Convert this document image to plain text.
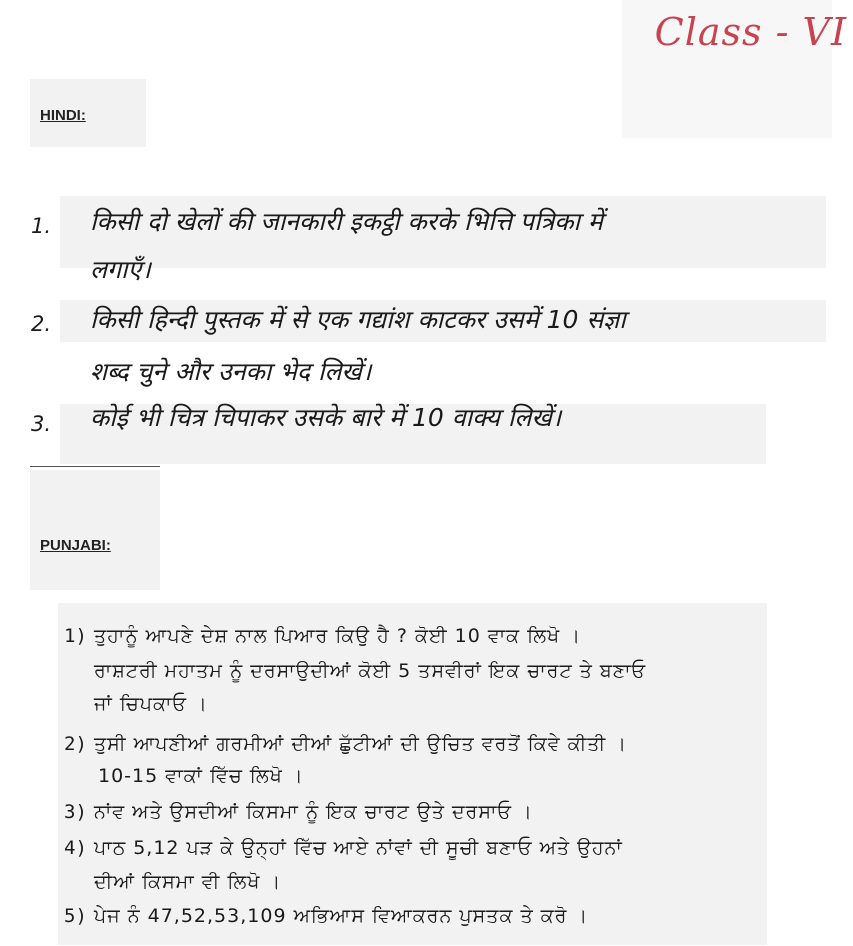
Class - VI
HINDI:
1. किसी दो खेलों की जानकारी इकट्ठी करके भित्ति पत्रिका में
लगाएँ।
2. किसी हिन्दी पुस्तक में से एक गद्यांश काटकर उसमें 10 संज्ञा
शब्द चुने और उनका भेद लिखें।
3. कोई भी चित्र चिपाकर उसके बारे में 10 वाक्य लिखें।
PUNJABI:
1) ਤੁਹਾਨੂੰ ਆਪਣੇ ਦੇਸ਼ ਨਾਲ ਪਿਆਰ ਕਿਉ ਹੈ ? ਕੋਈ 10 ਵਾਕ ਲਿਖੋ ।
ਰਾਸ਼ਟਰੀ ਮਹਾਤਮ ਨੂੰ ਦਰਸਾਉਦੀਆਂ ਕੋਈ 5 ਤਸਵੀਰਾਂ ਇਕ ਚਾਰਟ ਤੇ ਬਣਾਓ
ਜਾਂ ਚਿਪਕਾਓ ।
2) ਤੁਸੀ ਆਪਣੀਆਂ ਗਰਮੀਆਂ ਦੀਆਂ ਛੁੱਟੀਆਂ ਦੀ ਉਚਿਤ ਵਰਤੋਂ ਕਿਵੇ ਕੀਤੀ ।
10-15 ਵਾਕਾਂ ਵਿੱਚ ਲਿਖੋ ।
3) ਨਾਂਵ ਅਤੇ ਉਸਦੀਆਂ ਕਿਸਮਾ ਨੂੰ ਇਕ ਚਾਰਟ ਉਤੇ ਦਰਸਾਓ ।
4) ਪਾਠ 5,12 ਪੜ ਕੇ ਉਨ੍ਹਾਂ ਵਿੱਚ ਆਏ ਨਾਂਵਾਂ ਦੀ ਸੂਚੀ ਬਣਾਓ ਅਤੇ ਉਹਨਾਂ
ਦੀਆਂ ਕਿਸਮਾ ਵੀ ਲਿਖੋ ।
5) ਪੇਜ ਨੰ 47,52,53,109 ਅਭਿਆਸ ਵਿਆਕਰਨ ਪੁਸਤਕ ਤੇ ਕਰੋ ।
